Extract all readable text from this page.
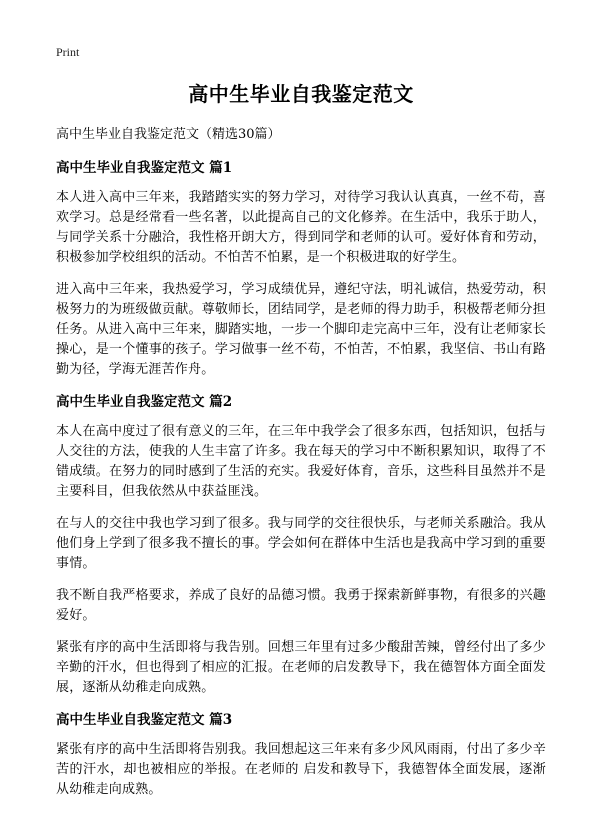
Print

高中生毕业自我鉴定范文

高中生毕业自我鉴定范文（精选30篇）

高中生毕业自我鉴定范文 篇1

本人进入高中三年来，我踏踏实实的努力学习，对待学习我认认真真，一丝不苟，喜欢学习。总是经常看一些名著，以此提高自己的文化修养。在生活中，我乐于助人，与同学关系十分融洽，我性格开朗大方，得到同学和老师的认可。爱好体育和劳动，积极参加学校组织的活动。不怕苦不怕累，是一个积极进取的好学生。

进入高中三年来，我热爱学习，学习成绩优异，遵纪守法，明礼诚信，热爱劳动，积极努力的为班级做贡献。尊敬师长，团结同学，是老师的得力助手，积极帮老师分担任务。从进入高中三年来，脚踏实地，一步一个脚印走完高中三年，没有让老师家长操心，是一个懂事的孩子。学习做事一丝不苟，不怕苦，不怕累，我坚信、书山有路勤为径，学海无涯苦作舟。

高中生毕业自我鉴定范文 篇2

本人在高中度过了很有意义的三年，在三年中我学会了很多东西，包括知识，包括与人交往的方法，使我的人生丰富了许多。我在每天的学习中不断积累知识，取得了不错成绩。在努力的同时感到了生活的充实。我爱好体育，音乐，这些科目虽然并不是主要科目，但我依然从中获益匪浅。

在与人的交往中我也学习到了很多。我与同学的交往很快乐，与老师关系融洽。我从他们身上学到了很多我不擅长的事。学会如何在群体中生活也是我高中学习到的重要事情。

我不断自我严格要求，养成了良好的品德习惯。我勇于探索新鲜事物，有很多的兴趣爱好。

紧张有序的高中生活即将与我告别。回想三年里有过多少酸甜苦辣，曾经付出了多少辛勤的汗水，但也得到了相应的汇报。在老师的启发教导下，我在德智体方面全面发展，逐渐从幼稚走向成熟。

高中生毕业自我鉴定范文 篇3

紧张有序的高中生活即将告别我。我回想起这三年来有多少风风雨雨，付出了多少辛苦的汗水，却也被相应的举报。在老师的 启发和教导下，我德智体全面发展，逐渐从幼稚走向成熟。
